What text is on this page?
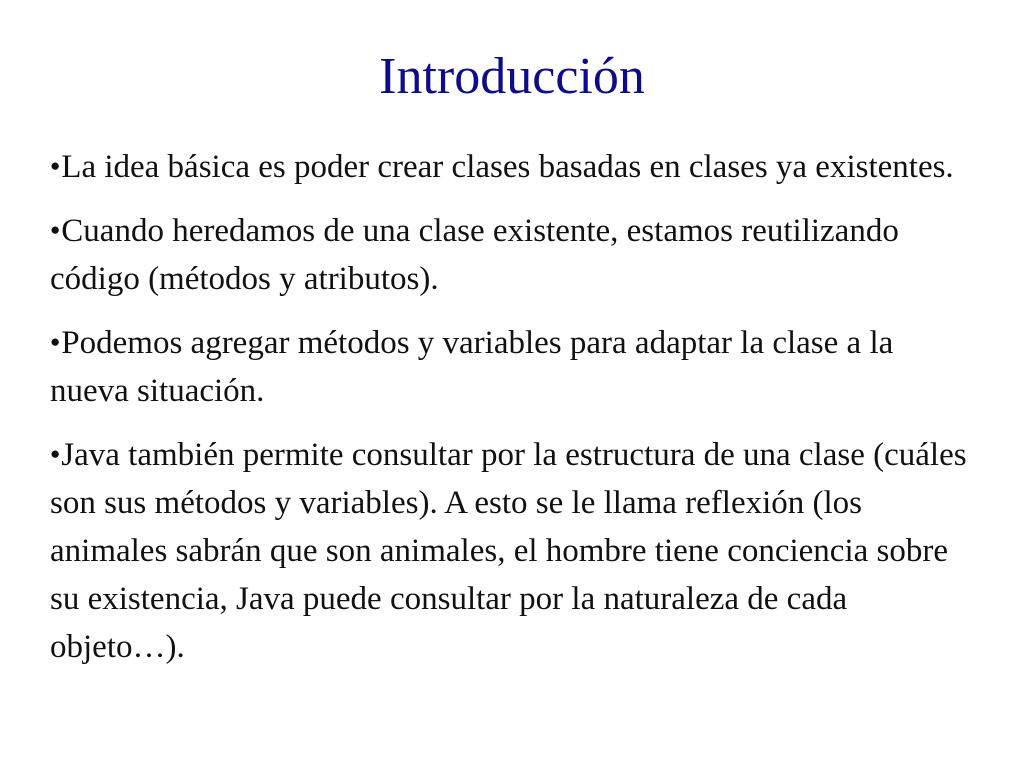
Introducción
●La idea básica es poder crear clases basadas en clases ya existentes.
●Cuando heredamos de una clase existente, estamos reutilizando código (métodos y atributos).
●Podemos agregar métodos y variables para adaptar la clase a la nueva situación.
●Java también permite consultar por la estructura de una clase (cuáles son sus métodos y variables). A esto se le llama reflexión (los animales sabrán que son animales, el hombre tiene conciencia sobre su existencia, Java puede consultar por la naturaleza de cada objeto…).
